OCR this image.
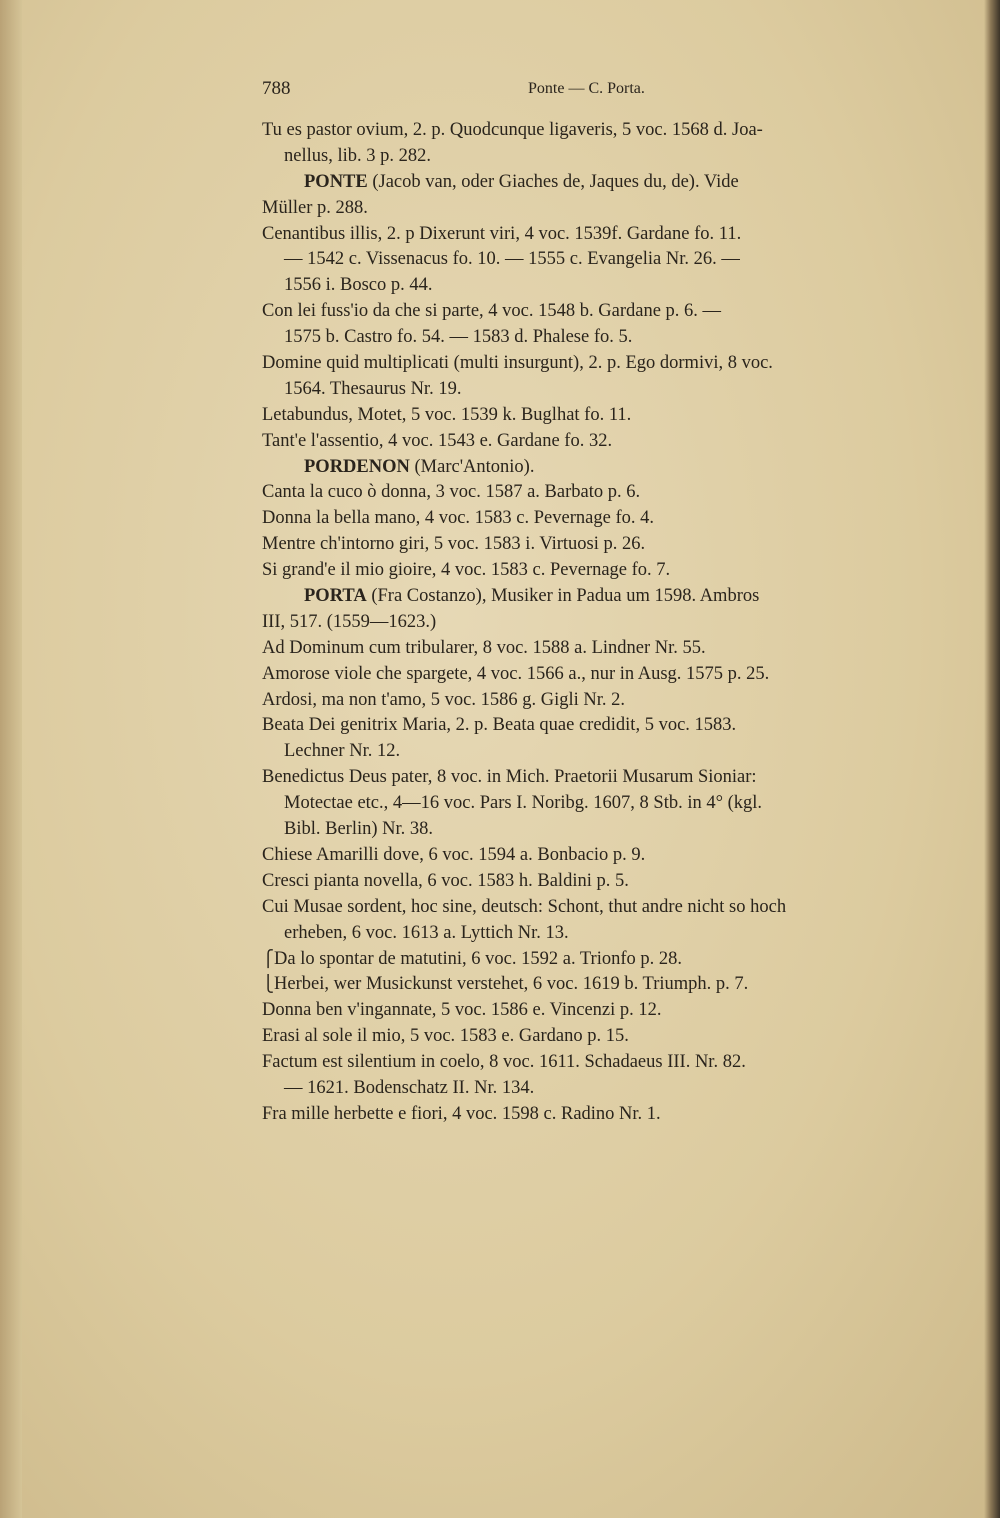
788	Ponte — C. Porta.
Tu es pastor ovium, 2. p. Quodcunque ligaveris, 5 voc. 1568 d. Joa-
nellus, lib. 3 p. 282.
PONTE (Jacob van, oder Giaches de, Jaques du, de). Vide
Müller p. 288.
Cenantibus illis, 2. p Dixerunt viri, 4 voc. 1539f. Gardane fo. 11.
— 1542 c. Vissenacus fo. 10. — 1555 c. Evangelia Nr. 26. —
1556 i. Bosco p. 44.
Con lei fuss'io da che si parte, 4 voc. 1548 b. Gardane p. 6. —
1575 b. Castro fo. 54. — 1583 d. Phalese fo. 5.
Domine quid multiplicati (multi insurgunt), 2. p. Ego dormivi, 8 voc.
1564. Thesaurus Nr. 19.
Letabundus, Motet, 5 voc. 1539 k. Buglhat fo. 11.
Tant'e l'assentio, 4 voc. 1543 e. Gardane fo. 32.
PORDENON (Marc'Antonio).
Canta la cuco ò donna, 3 voc. 1587 a. Barbato p. 6.
Donna la bella mano, 4 voc. 1583 c. Pevernage fo. 4.
Mentre ch'intorno giri, 5 voc. 1583 i. Virtuosi p. 26.
Si grand'e il mio gioire, 4 voc. 1583 c. Pevernage fo. 7.
PORTA (Fra Costanzo), Musiker in Padua um 1598. Ambros
III, 517. (1559—1623.)
Ad Dominum cum tribularer, 8 voc. 1588 a. Lindner Nr. 55.
Amorose viole che spargete, 4 voc. 1566 a., nur in Ausg. 1575 p. 25.
Ardosi, ma non t'amo, 5 voc. 1586 g. Gigli Nr. 2.
Beata Dei genitrix Maria, 2. p. Beata quae credidit, 5 voc. 1583.
Lechner Nr. 12.
Benedictus Deus pater, 8 voc. in Mich. Praetorii Musarum Sioniar:
Motectae etc., 4—16 voc. Pars I. Noribg. 1607, 8 Stb. in 4° (kgl.
Bibl. Berlin) Nr. 38.
Chiese Amarilli dove, 6 voc. 1594 a. Bonbacio p. 9.
Cresci pianta novella, 6 voc. 1583 h. Baldini p. 5.
Cui Musae sordent, hoc sine, deutsch: Schont, thut andre nicht so hoch
erheben, 6 voc. 1613 a. Lyttich Nr. 13.
⎧Da lo spontar de matutini, 6 voc. 1592 a. Trionfo p. 28.
⎩Herbei, wer Musickunst verstehet, 6 voc. 1619 b. Triumph. p. 7.
Donna ben v'ingannate, 5 voc. 1586 e. Vincenzi p. 12.
Erasi al sole il mio, 5 voc. 1583 e. Gardano p. 15.
Factum est silentium in coelo, 8 voc. 1611. Schadaeus III. Nr. 82.
— 1621. Bodenschatz II. Nr. 134.
Fra mille herbette e fiori, 4 voc. 1598 c. Radino Nr. 1.
